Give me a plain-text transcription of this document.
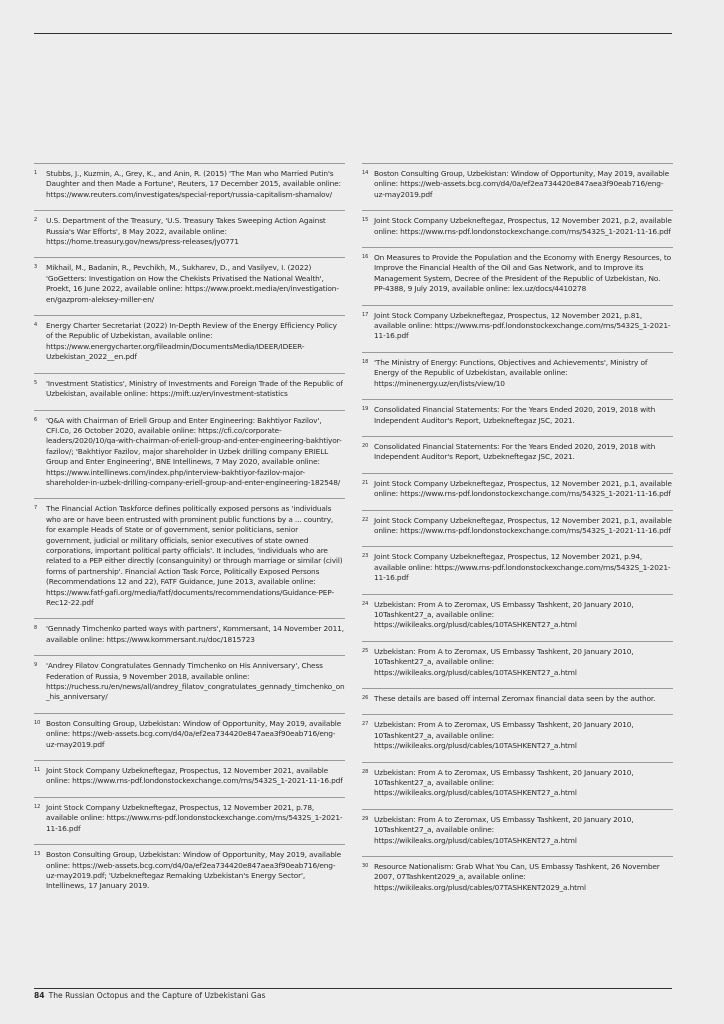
1 Stubbs, J., Kuzmin, A., Grey, K., and Anin, R. (2015) 'The Man who Married Putin's Daughter and then Made a Fortune', Reuters, 17 December 2015, available online: https://www.reuters.com/investigates/special-report/russia-capitalism-shamalov/
2 U.S. Department of the Treasury, 'U.S. Treasury Takes Sweeping Action Against Russia's War Efforts', 8 May 2022, available online: https://home.treasury.gov/news/press-releases/jy0771
3 Mikhail, M., Badanin, R., Pevchikh, M., Sukharev, D., and Vasilyev, I. (2022) 'GoGetters: Investigation on How the Chekists Privatised the National Wealth', Proekt, 16 June 2022, available online: https://www.proekt.media/en/investigation-en/gazprom-aleksey-miller-en/
4 Energy Charter Secretariat (2022) In-Depth Review of the Energy Efficiency Policy of the Republic of Uzbekistan, available online: https://www.energycharter.org/fileadmin/DocumentsMedia/IDEER/IDEER-Uzbekistan_2022__en.pdf
5 'Investment Statistics', Ministry of Investments and Foreign Trade of the Republic of Uzbekistan, available online: https://mift.uz/en/investment-statistics
6 'Q&A with Chairman of Eriell Group and Enter Engineering: Bakhtiyor Fazilov', CFI.Co, 26 October 2020, available online: https://cfi.co/corporate-leaders/2020/10/qa-with-chairman-of-eriell-group-and-enter-engineering-bakhtiyor-fazilov/; 'Bakhtiyor Fazilov, major shareholder in Uzbek drilling company ERIELL Group and Enter Engineering', BNE Intellinews, 7 May 2020, available online: https://www.intellinews.com/index.php/interview-bakhtiyor-fazilov-major-shareholder-in-uzbek-drilling-company-eriell-group-and-enter-engineering-182548/
7 The Financial Action Taskforce defines politically exposed persons as 'individuals who are or have been entrusted with prominent public functions by a ... country, for example Heads of State or of government, senior politicians, senior government, judicial or military officials, senior executives of state owned corporations, important political party officials'. It includes, 'individuals who are related to a PEP either directly (consanguinity) or through marriage or similar (civil) forms of partnership'. Financial Action Task Force, Politically Exposed Persons (Recommendations 12 and 22), FATF Guidance, June 2013, available online: https://www.fatf-gafi.org/media/fatf/documents/recommendations/Guidance-PEP-Rec12-22.pdf
8 'Gennady Timchenko parted ways with partners', Kommersant, 14 November 2011, available online: https://www.kommersant.ru/doc/1815723
9 'Andrey Filatov Congratulates Gennady Timchenko on His Anniversary', Chess Federation of Russia, 9 November 2018, available online: https://ruchess.ru/en/news/all/andrey_filatov_congratulates_gennady_timchenko_on_his_anniversary/
10 Boston Consulting Group, Uzbekistan: Window of Opportunity, May 2019, available online: https://web-assets.bcg.com/d4/0a/ef2ea734420e847aea3f90eab716/eng-uz-may2019.pdf
11 Joint Stock Company Uzbekneftegaz, Prospectus, 12 November 2021, available online: https://www.rns-pdf.londonstockexchange.com/rns/5432S_1-2021-11-16.pdf
12 Joint Stock Company Uzbekneftegaz, Prospectus, 12 November 2021, p.78, available online: https://www.rns-pdf.londonstockexchange.com/rns/5432S_1-2021-11-16.pdf
13 Boston Consulting Group, Uzbekistan: Window of Opportunity, May 2019, available online: https://web-assets.bcg.com/d4/0a/ef2ea734420e847aea3f90eab716/eng-uz-may2019.pdf; 'Uzbekneftegaz Remaking Uzbekistan's Energy Sector', Intellinews, 17 January 2019.
14 Boston Consulting Group, Uzbekistan: Window of Opportunity, May 2019, available online: https://web-assets.bcg.com/d4/0a/ef2ea734420e847aea3f90eab716/eng-uz-may2019.pdf
15 Joint Stock Company Uzbekneftegaz, Prospectus, 12 November 2021, p.2, available online: https://www.rns-pdf.londonstockexchange.com/rns/5432S_1-2021-11-16.pdf
16 On Measures to Provide the Population and the Economy with Energy Resources, to Improve the Financial Health of the Oil and Gas Network, and to Improve its Management System, Decree of the President of the Republic of Uzbekistan, No. PP-4388, 9 July 2019, available online: lex.uz/docs/4410278
17 Joint Stock Company Uzbekneftegaz, Prospectus, 12 November 2021, p.81, available online: https://www.rns-pdf.londonstockexchange.com/rns/5432S_1-2021-11-16.pdf
18 'The Ministry of Energy: Functions, Objectives and Achievements', Ministry of Energy of the Republic of Uzbekistan, available online: https://minenergy.uz/en/lists/view/10
19 Consolidated Financial Statements: For the Years Ended 2020, 2019, 2018 with Independent Auditor's Report, Uzbekneftegaz JSC, 2021.
20 Consolidated Financial Statements: For the Years Ended 2020, 2019, 2018 with Independent Auditor's Report, Uzbekneftegaz JSC, 2021.
21 Joint Stock Company Uzbekneftegaz, Prospectus, 12 November 2021, p.1, available online: https://www.rns-pdf.londonstockexchange.com/rns/5432S_1-2021-11-16.pdf
22 Joint Stock Company Uzbekneftegaz, Prospectus, 12 November 2021, p.1, available online: https://www.rns-pdf.londonstockexchange.com/rns/5432S_1-2021-11-16.pdf
23 Joint Stock Company Uzbekneftegaz, Prospectus, 12 November 2021, p.94, available online: https://www.rns-pdf.londonstockexchange.com/rns/5432S_1-2021-11-16.pdf
24 Uzbekistan: From A to Zeromax, US Embassy Tashkent, 20 January 2010, 10Tashkent27_a, available online: https://wikileaks.org/plusd/cables/10TASHKENT27_a.html
25 Uzbekistan: From A to Zeromax, US Embassy Tashkent, 20 January 2010, 10Tashkent27_a, available online: https://wikileaks.org/plusd/cables/10TASHKENT27_a.html
26 These details are based off internal Zeromax financial data seen by the author.
27 Uzbekistan: From A to Zeromax, US Embassy Tashkent, 20 January 2010, 10Tashkent27_a, available online: https://wikileaks.org/plusd/cables/10TASHKENT27_a.html
28 Uzbekistan: From A to Zeromax, US Embassy Tashkent, 20 January 2010, 10Tashkent27_a, available online: https://wikileaks.org/plusd/cables/10TASHKENT27_a.html
29 Uzbekistan: From A to Zeromax, US Embassy Tashkent, 20 January 2010, 10Tashkent27_a, available online: https://wikileaks.org/plusd/cables/10TASHKENT27_a.html
30 Resource Nationalism: Grab What You Can, US Embassy Tashkent, 26 November 2007, 07Tashkent2029_a, available online: https://wikileaks.org/plusd/cables/07TASHKENT2029_a.html
84 The Russian Octopus and the Capture of Uzbekistani Gas
